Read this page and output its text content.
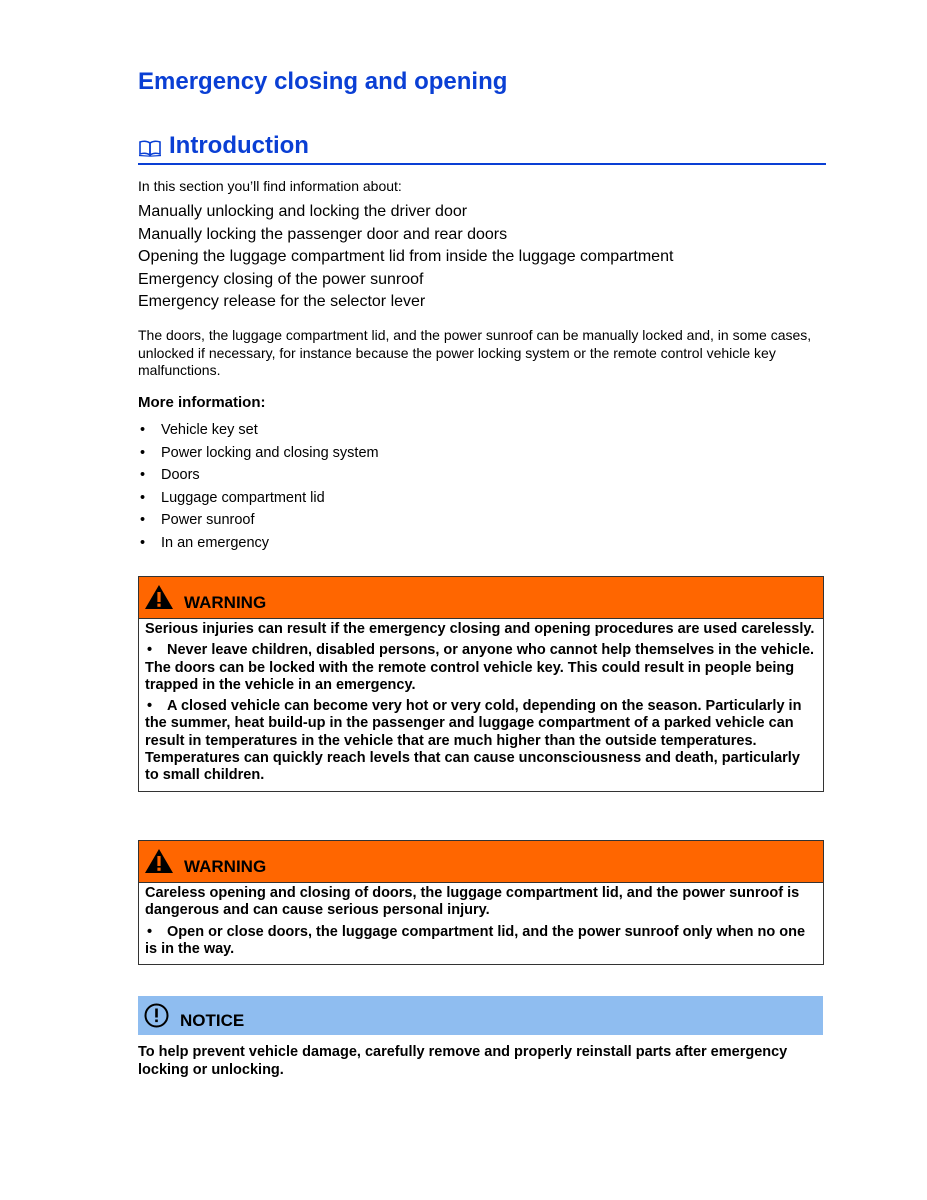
Emergency closing and opening
Introduction
In this section you’ll find information about:
Manually unlocking and locking the driver door
Manually locking the passenger door and rear doors
Opening the luggage compartment lid from inside the luggage compartment
Emergency closing of the power sunroof
Emergency release for the selector lever

The doors, the luggage compartment lid, and the power sunroof can be manually locked and, in some cases, unlocked if necessary, for instance because the power locking system or the remote control vehicle key malfunctions.

More information:
• Vehicle key set
• Power locking and closing system
• Doors
• Luggage compartment lid
• Power sunroof
• In an emergency
WARNING

Serious injuries can result if the emergency closing and opening procedures are used carelessly.

• Never leave children, disabled persons, or anyone who cannot help themselves in the vehicle. The doors can be locked with the remote control vehicle key. This could result in people being trapped in the vehicle in an emergency.

• A closed vehicle can become very hot or very cold, depending on the season. Particularly in the summer, heat build-up in the passenger and luggage compartment of a parked vehicle can result in temperatures in the vehicle that are much higher than the outside temperatures. Temperatures can quickly reach levels that can cause unconsciousness and death, particularly to small children.

WARNING

Careless opening and closing of doors, the luggage compartment lid, and the power sunroof is dangerous and can cause serious personal injury.

• Open or close doors, the luggage compartment lid, and the power sunroof only when no one is in the way.

NOTICE

To help prevent vehicle damage, carefully remove and properly reinstall parts after emergency locking or unlocking.
